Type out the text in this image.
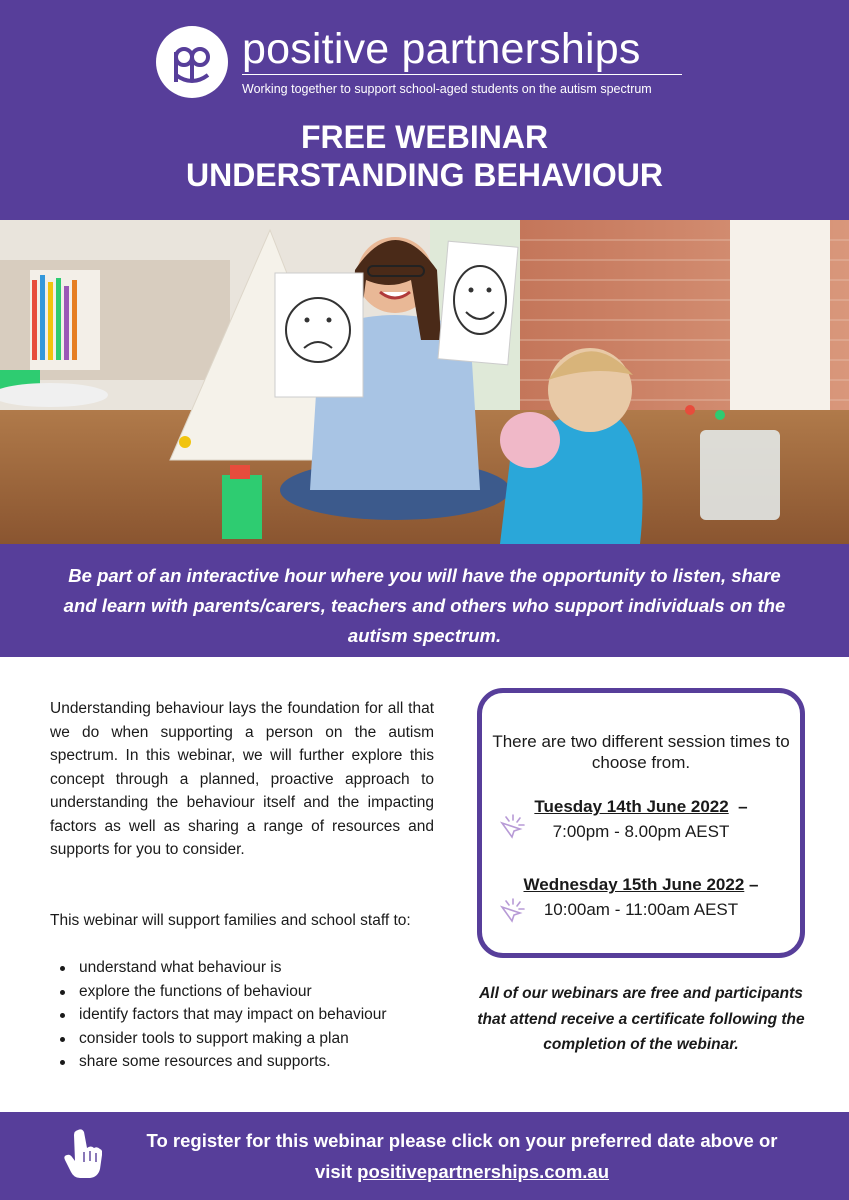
positive partnerships
Working together to support school-aged students on the autism spectrum
FREE WEBINAR
UNDERSTANDING BEHAVIOUR
Be part of an interactive hour where you will have the opportunity to listen, share and learn with parents/carers, teachers and others who support individuals on the autism spectrum.
Understanding behaviour lays the foundation for all that we do when supporting a person on the autism spectrum. In this webinar, we will further explore this concept through a planned, proactive approach to understanding the behaviour itself and the impacting factors as well as sharing a range of resources and supports for you to consider.
This webinar will support families and school staff to:
understand what behaviour is
explore the functions of behaviour
identify factors that may impact on behaviour
consider tools to support making a plan
share some resources and supports.
There are two different session times to choose from.
Tuesday 14th June 2022 –
7:00pm - 8.00pm AEST
Wednesday 15th June 2022 –
10:00am - 11:00am AEST
All of our webinars are free and participants that attend receive a certificate following the completion of the webinar.
To register for this webinar please click on your preferred date above or
visit positivepartnerships.com.au
